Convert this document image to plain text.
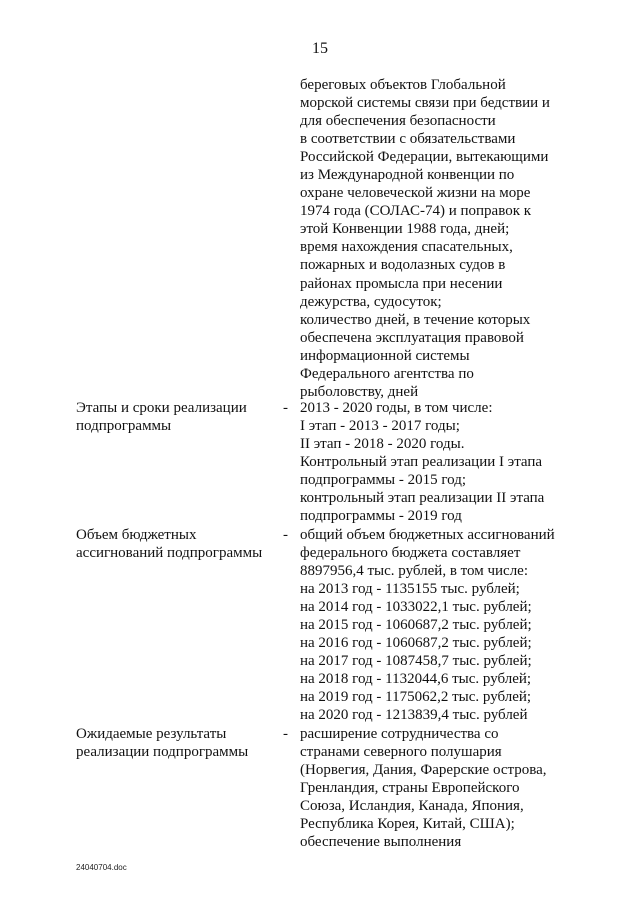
15
береговых объектов Глобальной
морской системы связи при бедствии и
для обеспечения безопасности
в соответствии с обязательствами
Российской Федерации, вытекающими
из Международной конвенции по
охране человеческой жизни на море
1974 года (СОЛАС-74) и поправок к
этой Конвенции 1988 года, дней;
время нахождения спасательных,
пожарных и водолазных судов в
районах промысла при несении
дежурства, судосуток;
количество дней, в течение которых
обеспечена эксплуатация правовой
информационной системы
Федерального агентства по
рыболовству, дней
Этапы и сроки реализации
подпрограммы
- 2013 - 2020 годы, в том числе:
I этап - 2013 - 2017 годы;
II этап - 2018 - 2020 годы.
Контрольный этап реализации I этапа
подпрограммы - 2015 год;
контрольный этап реализации II этапа
подпрограммы - 2019 год
Объем бюджетных
ассигнований подпрограммы
- общий объем бюджетных ассигнований
федерального бюджета составляет
8897956,4 тыс. рублей, в том числе:
на 2013 год - 1135155 тыс. рублей;
на 2014 год - 1033022,1 тыс. рублей;
на 2015 год - 1060687,2 тыс. рублей;
на 2016 год - 1060687,2 тыс. рублей;
на 2017 год - 1087458,7 тыс. рублей;
на 2018 год - 1132044,6 тыс. рублей;
на 2019 год - 1175062,2 тыс. рублей;
на 2020 год - 1213839,4 тыс. рублей
Ожидаемые результаты
реализации подпрограммы
- расширение сотрудничества со
странами северного полушария
(Норвегия, Дания, Фарерские острова,
Гренландия, страны Европейского
Союза, Исландия, Канада, Япония,
Республика Корея, Китай, США);
обеспечение выполнения
24040704.doc
